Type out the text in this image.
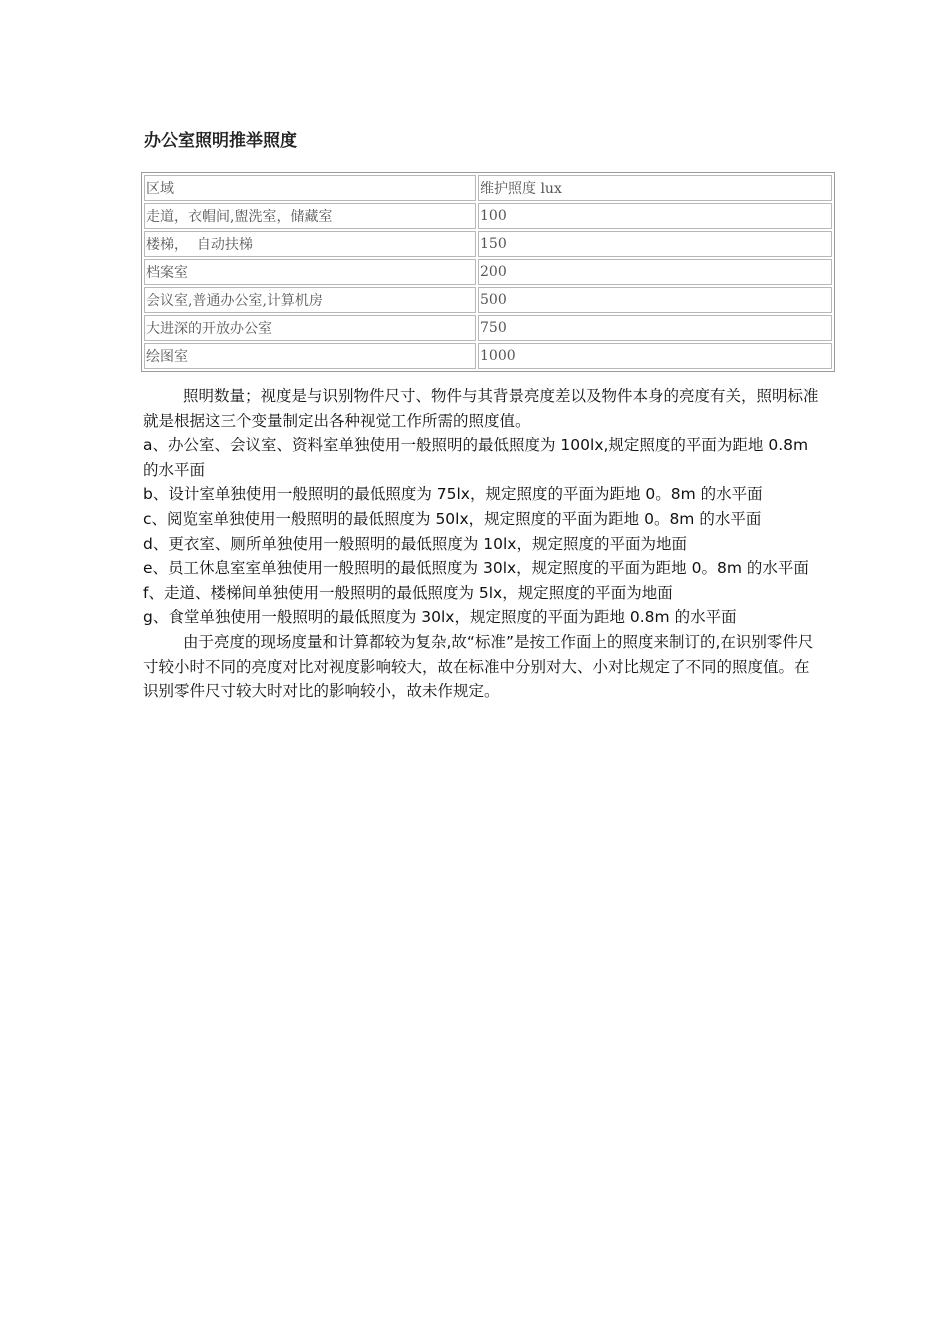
办公室照明推举照度
区域	维护照度 lux
走道，衣帽间,盥洗室，储藏室	100
楼梯，  自动扶梯	150
档案室	200
会议室,普通办公室,计算机房	500
大进深的开放办公室	750
绘图室	1000

照明数量；视度是与识别物件尺寸、物件与其背景亮度差以及物件本身的亮度有关，照明标准就是根据这三个变量制定出各种视觉工作所需的照度值。

a、办公室、会议室、资料室单独使用一般照明的最低照度为 100lx,规定照度的平面为距地 0.8m 的水平面

b、设计室单独使用一般照明的最低照度为 75lx，规定照度的平面为距地 0。8m 的水平面

c、阅览室单独使用一般照明的最低照度为 50lx，规定照度的平面为距地 0。8m 的水平面

d、更衣室、厕所单独使用一般照明的最低照度为 10lx，规定照度的平面为地面

e、员工休息室室单独使用一般照明的最低照度为 30lx，规定照度的平面为距地 0。8m 的水平面

f、走道、楼梯间单独使用一般照明的最低照度为 5lx，规定照度的平面为地面

g、食堂单独使用一般照明的最低照度为 30lx，规定照度的平面为距地 0.8m 的水平面

由于亮度的现场度量和计算都较为复杂,故“标准”是按工作面上的照度来制订的,在识别零件尺寸较小时不同的亮度对比对视度影响较大，故在标准中分别对大、小对比规定了不同的照度值。在识别零件尺寸较大时对比的影响较小，故未作规定。
